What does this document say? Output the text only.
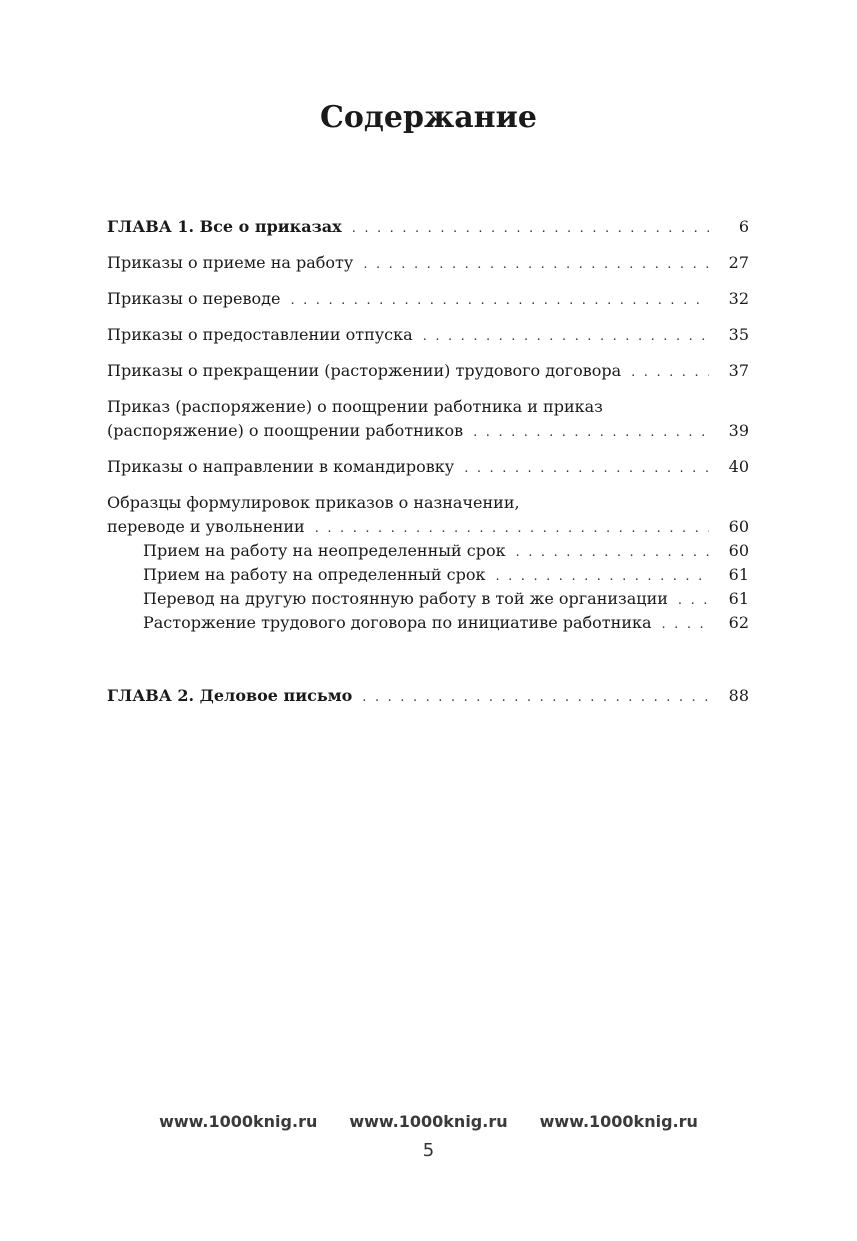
Содержание
ГЛАВА 1. Все о приказах . . .	6
Приказы о приеме на работу . . .	27
Приказы о переводе . . .	32
Приказы о предоставлении отпуска . . .	35
Приказы о прекращении (расторжении) трудового договора . . .	37
Приказ (распоряжение) о поощрении работника и приказ
(распоряжение) о поощрении работников . . .	39
Приказы о направлении в командировку . . .	40
Образцы формулировок приказов о назначении,
переводе и увольнении . . .	60
Прием на работу на неопределенный срок . . .	60
Прием на работу на определенный срок . . .	61
Перевод на другую постоянную работу в той же организации . . .	61
Расторжение трудового договора по инициативе работника . . .	62
ГЛАВА 2. Деловое письмо . . .	88
www.1000knig.ru www.1000knig.ru www.1000knig.ru
5
